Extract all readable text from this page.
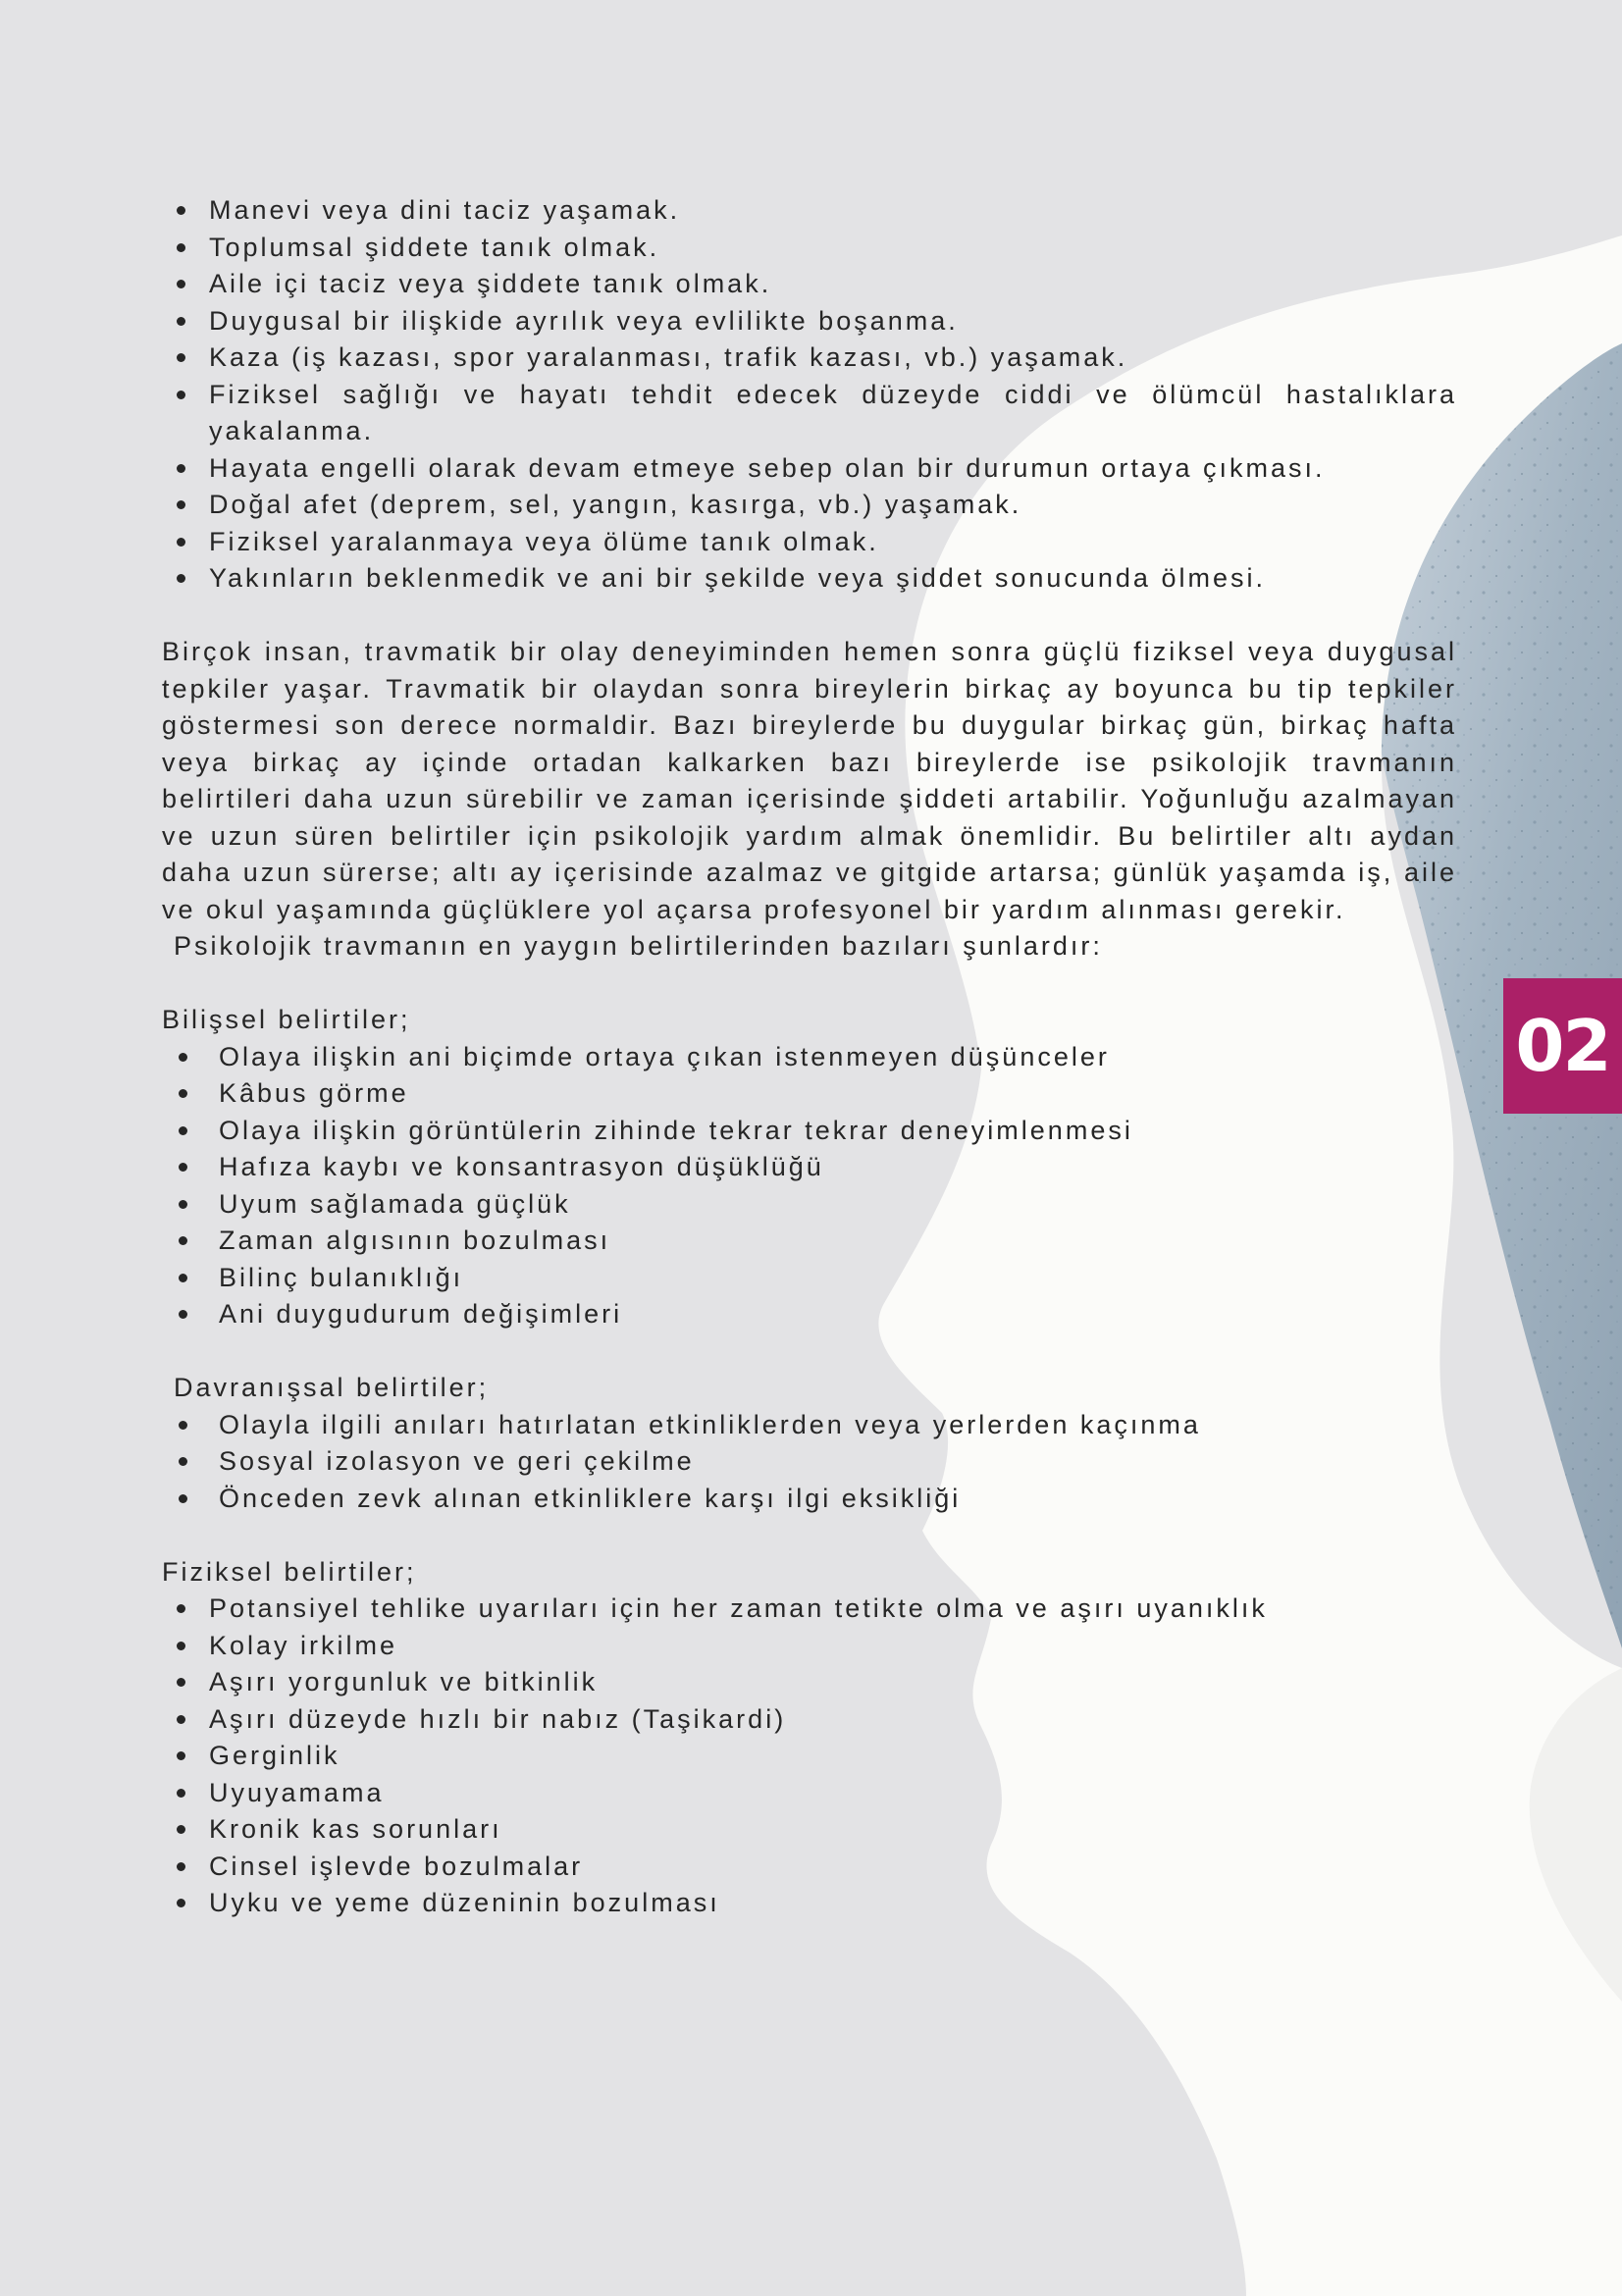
02
Manevi veya dini taciz yaşamak.
Toplumsal şiddete tanık olmak.
Aile içi taciz veya şiddete tanık olmak.
Duygusal bir ilişkide ayrılık veya evlilikte boşanma.
Kaza (iş kazası, spor yaralanması, trafik kazası, vb.) yaşamak.
Fiziksel sağlığı ve hayatı tehdit edecek düzeyde ciddi ve ölümcül hastalıklara yakalanma.
Hayata engelli olarak devam etmeye sebep olan bir durumun ortaya çıkması.
Doğal afet (deprem, sel, yangın, kasırga, vb.) yaşamak.
Fiziksel yaralanmaya veya ölüme tanık olmak.
Yakınların beklenmedik ve ani bir şekilde veya şiddet sonucunda ölmesi.

Birçok insan, travmatik bir olay deneyiminden hemen sonra güçlü fiziksel veya duygusal tepkiler yaşar. Travmatik bir olaydan sonra bireylerin birkaç ay boyunca bu tip tepkiler göstermesi son derece normaldir. Bazı bireylerde bu duygular birkaç gün, birkaç hafta veya birkaç ay içinde ortadan kalkarken bazı bireylerde ise psikolojik travmanın belirtileri daha uzun sürebilir ve zaman içerisinde şiddeti artabilir. Yoğunluğu azalmayan ve uzun süren belirtiler için psikolojik yardım almak önemlidir. Bu belirtiler altı aydan daha uzun sürerse; altı ay içerisinde azalmaz ve gitgide artarsa; günlük yaşamda iş, aile ve okul yaşamında güçlüklere yol açarsa profesyonel bir yardım alınması gerekir.

Psikolojik travmanın en yaygın belirtilerinden bazıları şunlardır:

Bilişsel belirtiler;

Olaya ilişkin ani biçimde ortaya çıkan istenmeyen düşünceler
Kâbus görme
Olaya ilişkin görüntülerin zihinde tekrar tekrar deneyimlenmesi
Hafıza kaybı ve konsantrasyon düşüklüğü
Uyum sağlamada güçlük
Zaman algısının bozulması
Bilinç bulanıklığı
Ani duygudurum değişimleri

Davranışsal belirtiler;

Olayla ilgili anıları hatırlatan etkinliklerden veya yerlerden kaçınma
Sosyal izolasyon ve geri çekilme
Önceden zevk alınan etkinliklere karşı ilgi eksikliği

Fiziksel belirtiler;

Potansiyel tehlike uyarıları için her zaman tetikte olma ve aşırı uyanıklık
Kolay irkilme
Aşırı yorgunluk ve bitkinlik
Aşırı düzeyde hızlı bir nabız (Taşikardi)
Gerginlik
Uyuyamama
Kronik kas sorunları
Cinsel işlevde bozulmalar
Uyku ve yeme düzeninin bozulması
